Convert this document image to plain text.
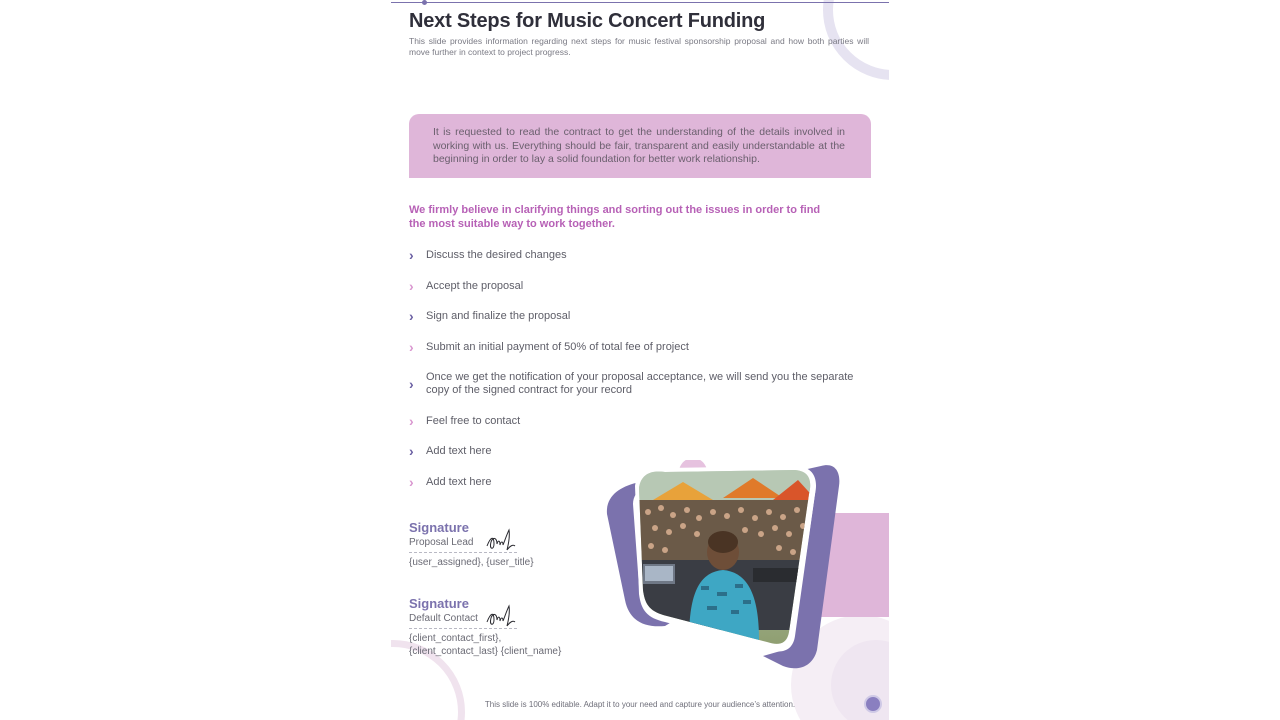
Next Steps for Music Concert Funding
This slide provides information regarding next steps for music festival sponsorship proposal and how both parties will move further in context to project progress.

It is requested to read the contract to get the understanding of the details involved in working with us. Everything should be fair, transparent and easily understandable at the beginning in order to lay a solid foundation for better work relationship.

We firmly believe in clarifying things and sorting out the issues in order to find the most suitable way to work together.
›	Discuss the desired changes
›	Accept the proposal
›	Sign and finalize the proposal
›	Submit an initial payment of 50% of total fee of project
›	Once we get the notification of your proposal acceptance, we will send you the separate copy of the signed contract for your record
›	Feel free to contact
›	Add text here
›	Add text here
Signature
Proposal Lead
{user_assigned}, {user_title}
Signature
Default Contact
{client_contact_first},
{client_contact_last} {client_name}
This slide is 100% editable. Adapt it to your need and capture your audience’s attention.
